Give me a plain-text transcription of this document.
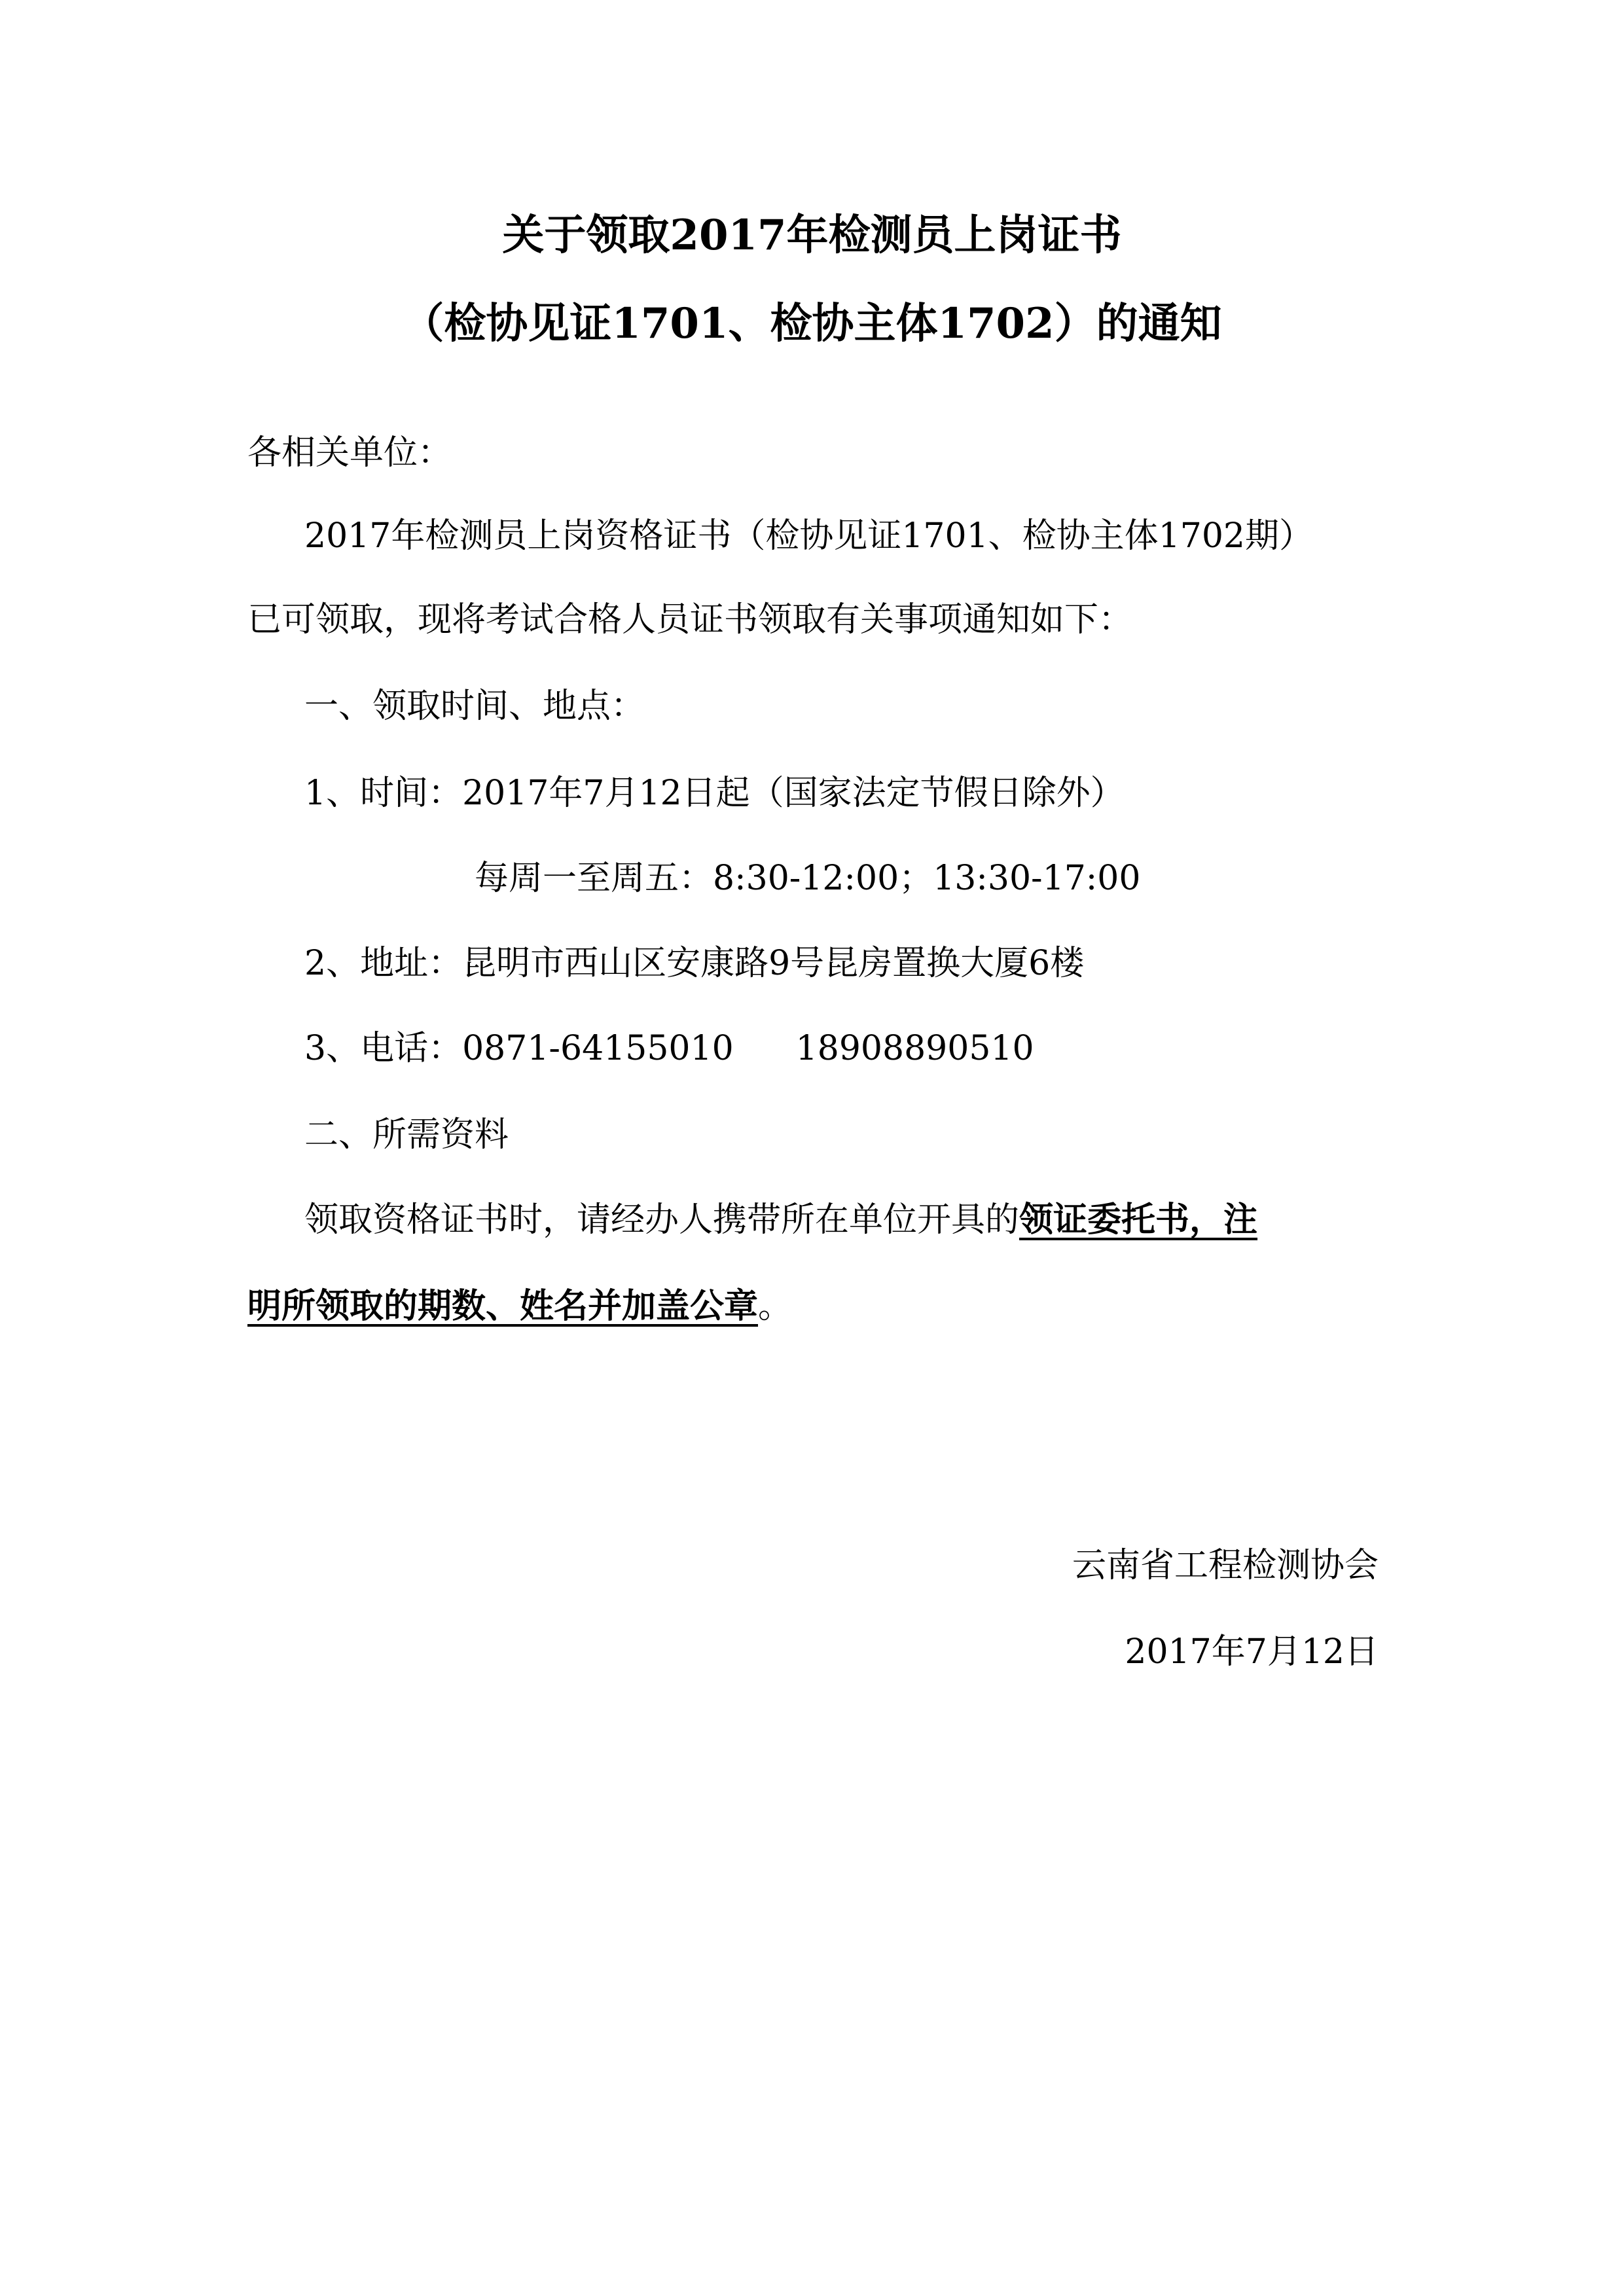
关于领取2017年检测员上岗证书
（检协见证1701、检协主体1702）的通知
各相关单位：
2017年检测员上岗资格证书（检协见证1701、检协主体1702期）
已可领取，现将考试合格人员证书领取有关事项通知如下：
一、领取时间、地点：
1、时间：2017年7月12日起（国家法定节假日除外）
每周一至周五：8:30-12:00；13:30-17:00
2、地址：昆明市西山区安康路9号昆房置换大厦6楼
3、电话：0871-64155010 18908890510
二、所需资料
领取资格证书时，请经办人携带所在单位开具的领证委托书，注
明所领取的期数、姓名并加盖公章。
云南省工程检测协会
2017年7月12日
